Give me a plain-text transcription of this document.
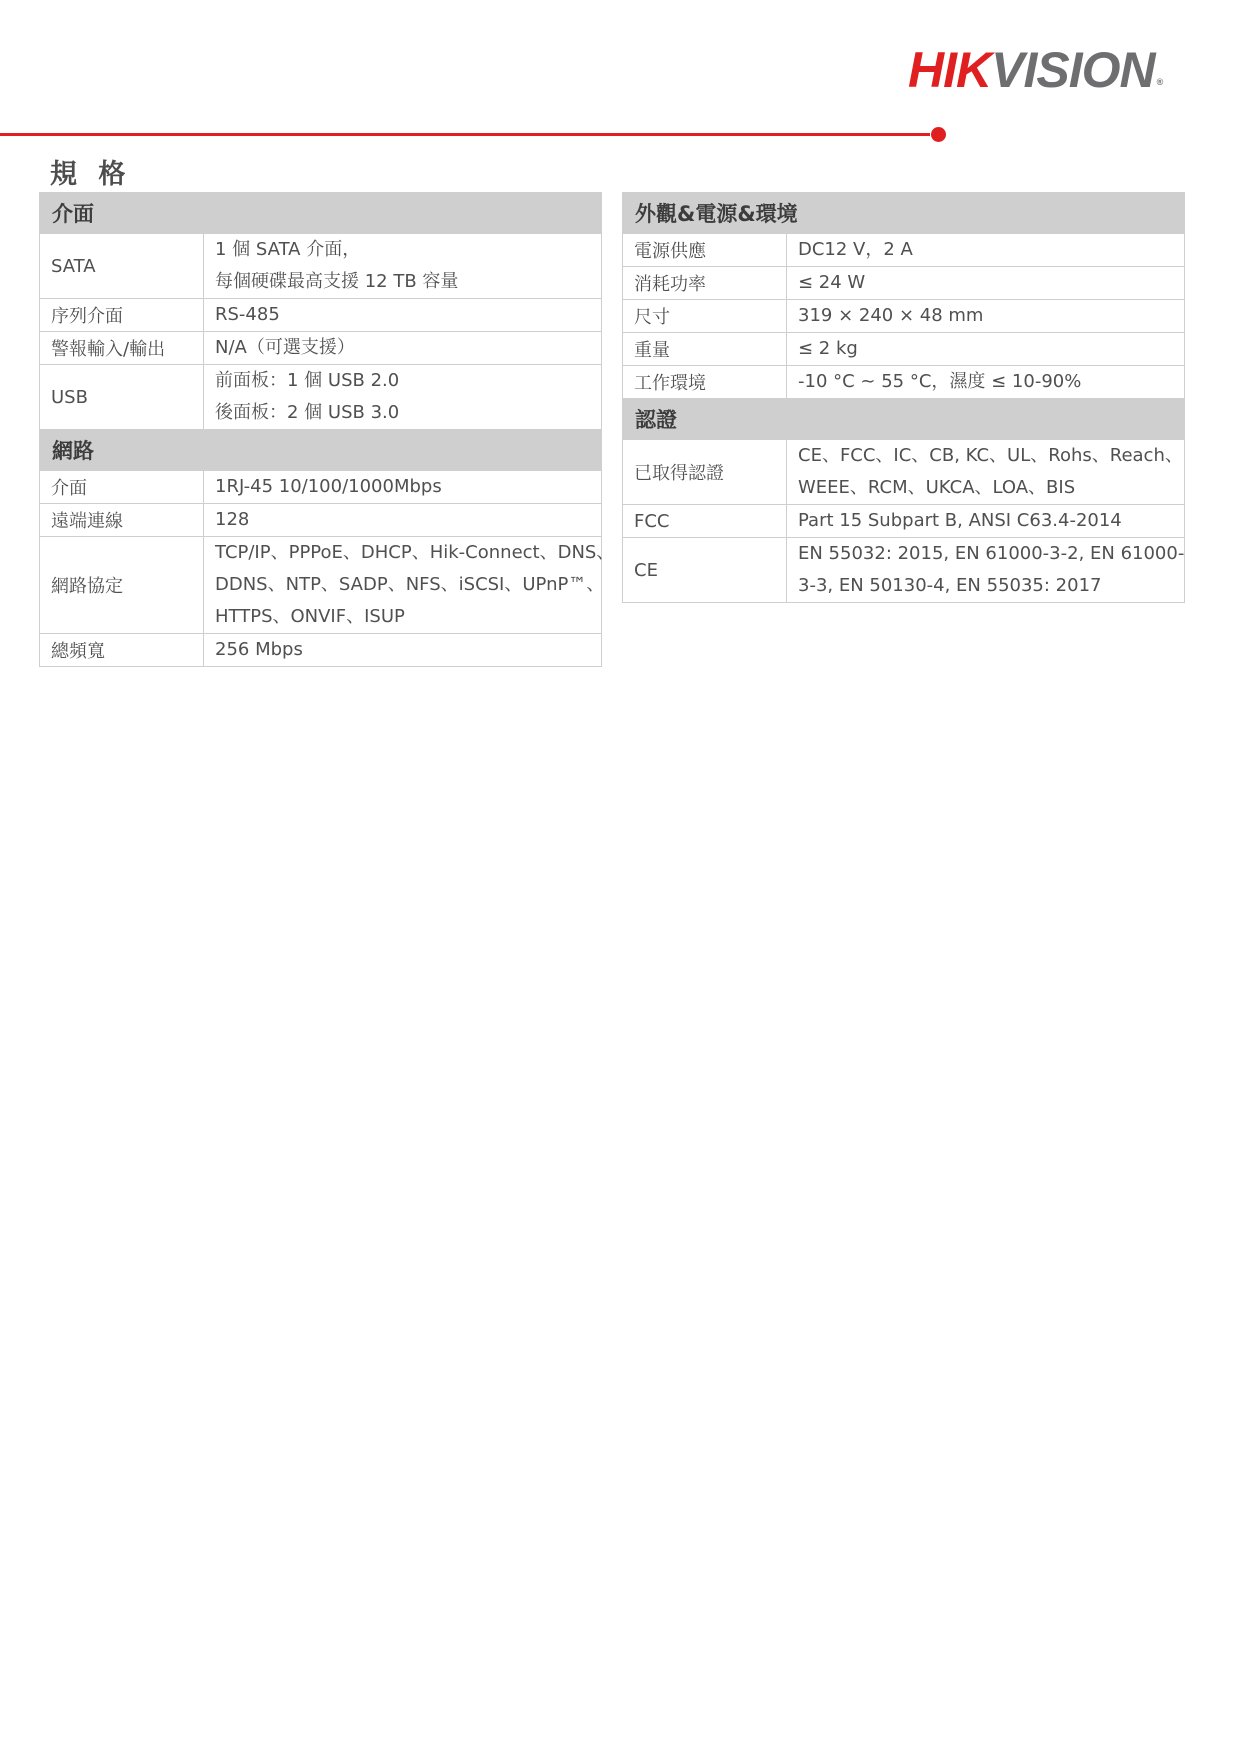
HIKVISION ®
規 格
介面	
SATA	1 個 SATA 介面，
每個硬碟最高支援 12 TB 容量

序列介面	RS-485

警報輸入/輸出	N/A（可選支援）

USB	前面板：1 個 USB 2.0
後面板：2 個 USB 3.0

網路	
介面	1RJ-45 10/100/1000Mbps

遠端連線	128

網路協定	TCP/IP、PPPoE、DHCP、Hik-Connect、DNS、
DDNS、NTP、SADP、NFS、iSCSI、UPnP™、
HTTPS、ONVIF、ISUP

總頻寬	256 Mbps
外觀&電源&環境	
電源供應	DC12 V，2 A

消耗功率	≤ 24 W

尺寸	319 × 240 × 48 mm

重量	≤ 2 kg

工作環境	-10 °C ~ 55 °C，濕度 ≤ 10-90%

認證	
已取得認證	CE、FCC、IC、CB, KC、UL、Rohs、Reach、
WEEE、RCM、UKCA、LOA、BIS

FCC	Part 15 Subpart B, ANSI C63.4-2014

CE	EN 55032: 2015, EN 61000-3-2, EN 61000-
3-3, EN 50130-4, EN 55035: 2017
